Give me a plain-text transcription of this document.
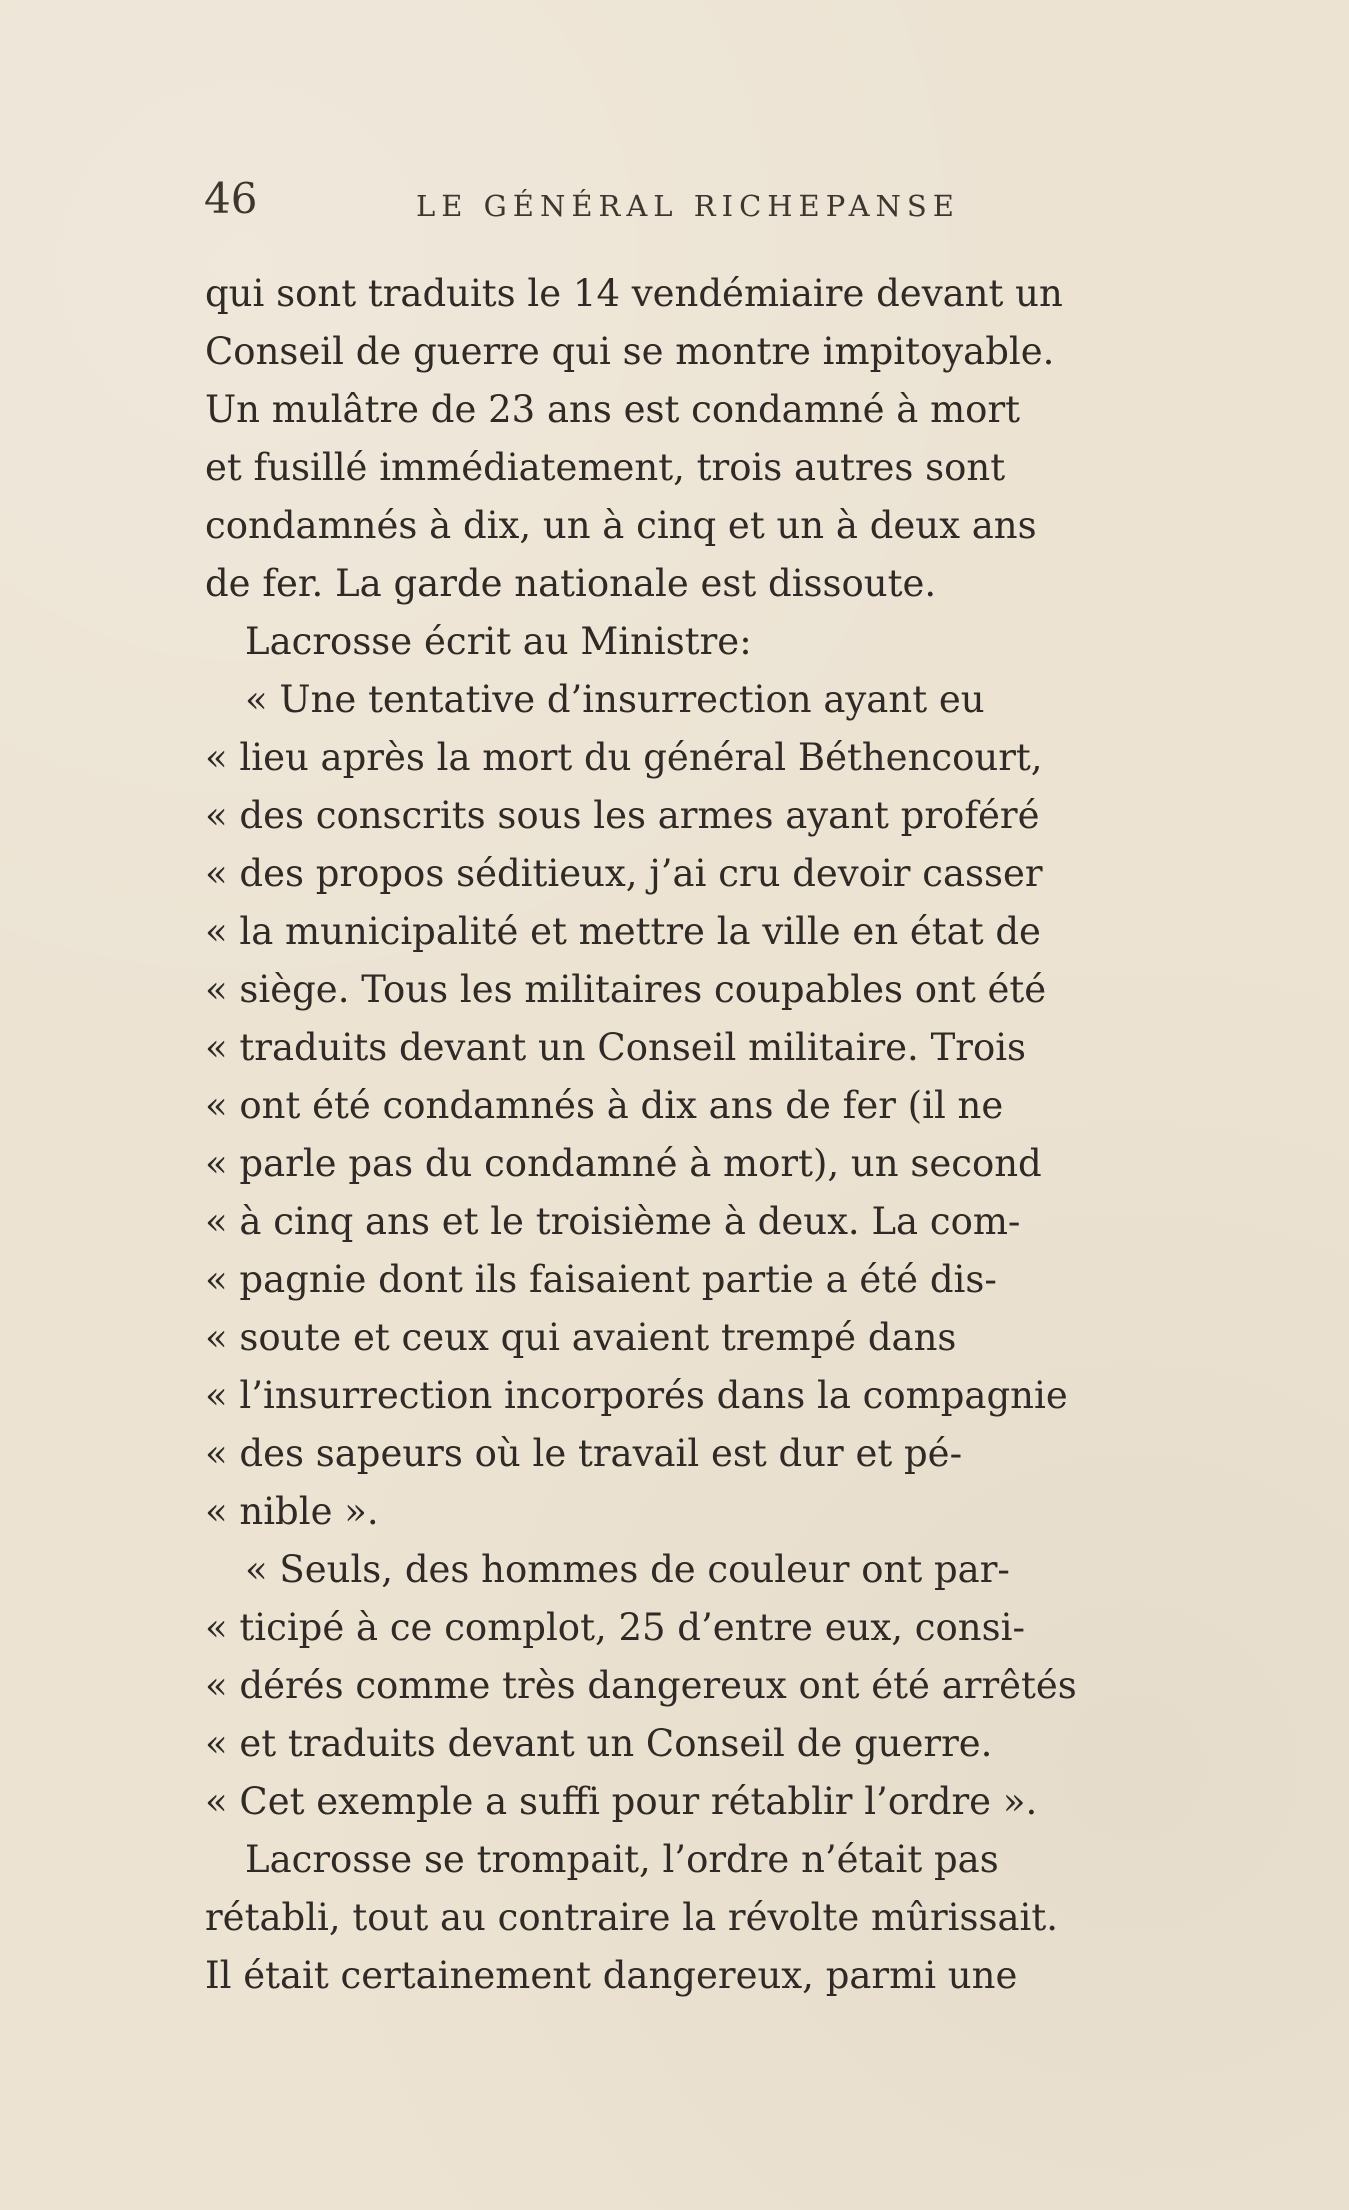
46	LE GÉNÉRAL RICHEPANSE
qui sont traduits le 14 vendémiaire devant un
Conseil de guerre qui se montre impitoyable.
Un mulâtre de 23 ans est condamné à mort
et fusillé immédiatement, trois autres sont
condamnés à dix, un à cinq et un à deux ans
de fer. La garde nationale est dissoute.
Lacrosse écrit au Ministre:
« Une tentative d’insurrection ayant eu
« lieu après la mort du général Béthencourt,
« des conscrits sous les armes ayant proféré
« des propos séditieux, j’ai cru devoir casser
« la municipalité et mettre la ville en état de
« siège. Tous les militaires coupables ont été
« traduits devant un Conseil militaire. Trois
« ont été condamnés à dix ans de fer (il ne
« parle pas du condamné à mort), un second
« à cinq ans et le troisième à deux. La com-
« pagnie dont ils faisaient partie a été dis-
« soute et ceux qui avaient trempé dans
« l’insurrection incorporés dans la compagnie
« des sapeurs où le travail est dur et pé-
« nible ».
« Seuls, des hommes de couleur ont par-
« ticipé à ce complot, 25 d’entre eux, consi-
« dérés comme très dangereux ont été arrêtés
« et traduits devant un Conseil de guerre.
« Cet exemple a suffi pour rétablir l’ordre ».
Lacrosse se trompait, l’ordre n’était pas
rétabli, tout au contraire la révolte mûrissait.
Il était certainement dangereux, parmi une
